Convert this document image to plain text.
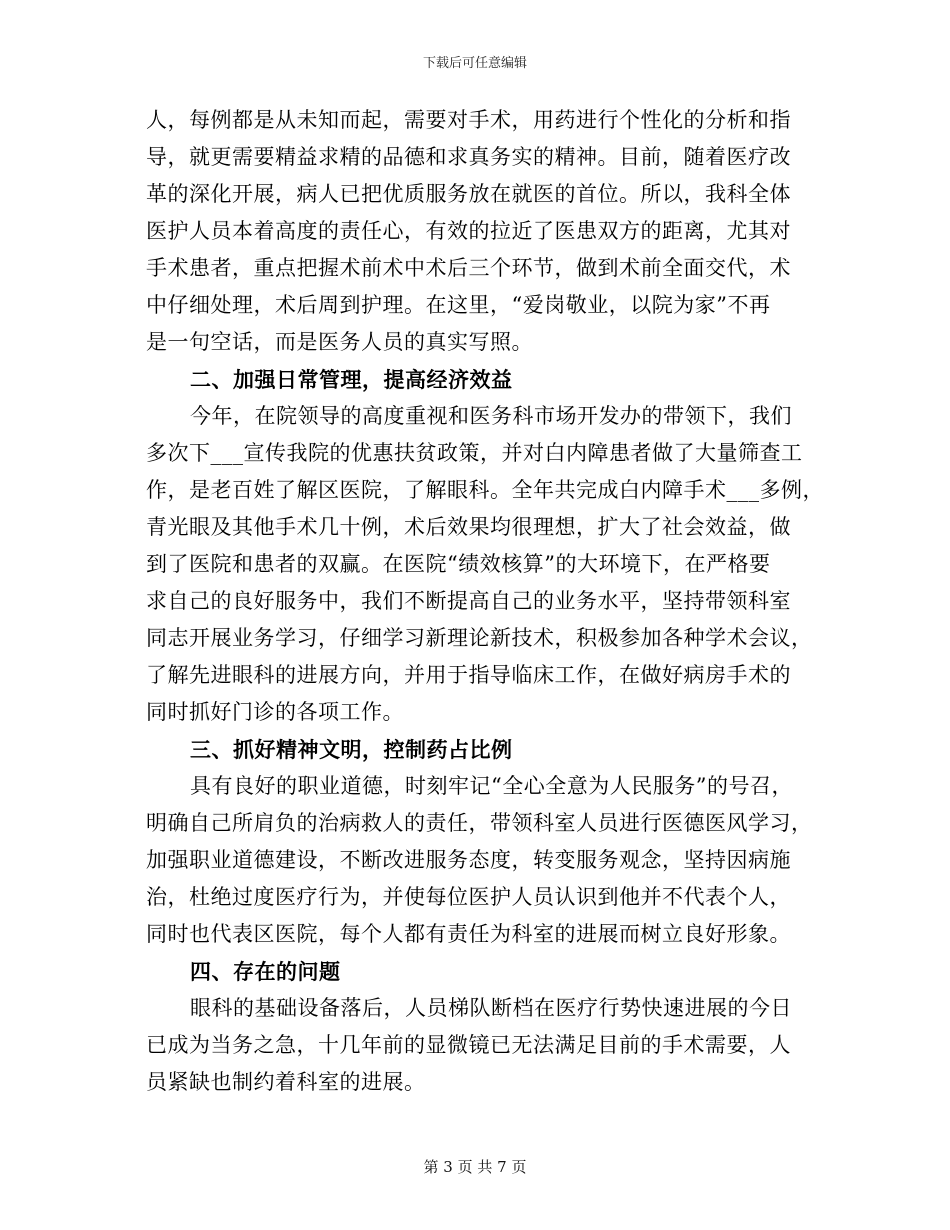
下载后可任意编辑
人，每例都是从未知而起，需要对手术，用药进行个性化的分析和指
导，就更需要精益求精的品德和求真务实的精神。目前，随着医疗改
革的深化开展，病人已把优质服务放在就医的首位。所以，我科全体
医护人员本着高度的责任心，有效的拉近了医患双方的距离，尤其对
手术患者，重点把握术前术中术后三个环节，做到术前全面交代，术
中仔细处理，术后周到护理。在这里，“爱岗敬业，以院为家”不再
是一句空话，而是医务人员的真实写照。
二、加强日常管理，提高经济效益
今年，在院领导的高度重视和医务科市场开发办的带领下，我们
多次下___宣传我院的优惠扶贫政策，并对白内障患者做了大量筛查工
作，是老百姓了解区医院，了解眼科。全年共完成白内障手术___多例，
青光眼及其他手术几十例，术后效果均很理想，扩大了社会效益，做
到了医院和患者的双赢。在医院“绩效核算”的大环境下，在严格要
求自己的良好服务中，我们不断提高自己的业务水平，坚持带领科室
同志开展业务学习，仔细学习新理论新技术，积极参加各种学术会议，
了解先进眼科的进展方向，并用于指导临床工作，在做好病房手术的
同时抓好门诊的各项工作。
三、抓好精神文明，控制药占比例
具有良好的职业道德，时刻牢记“全心全意为人民服务”的号召，
明确自己所肩负的治病救人的责任，带领科室人员进行医德医风学习，
加强职业道德建设，不断改进服务态度，转变服务观念，坚持因病施
治，杜绝过度医疗行为，并使每位医护人员认识到他并不代表个人，
同时也代表区医院，每个人都有责任为科室的进展而树立良好形象。
四、存在的问题
眼科的基础设备落后，人员梯队断档在医疗行势快速进展的今日
已成为当务之急，十几年前的显微镜已无法满足目前的手术需要，人
员紧缺也制约着科室的进展。
第 3 页 共 7 页
